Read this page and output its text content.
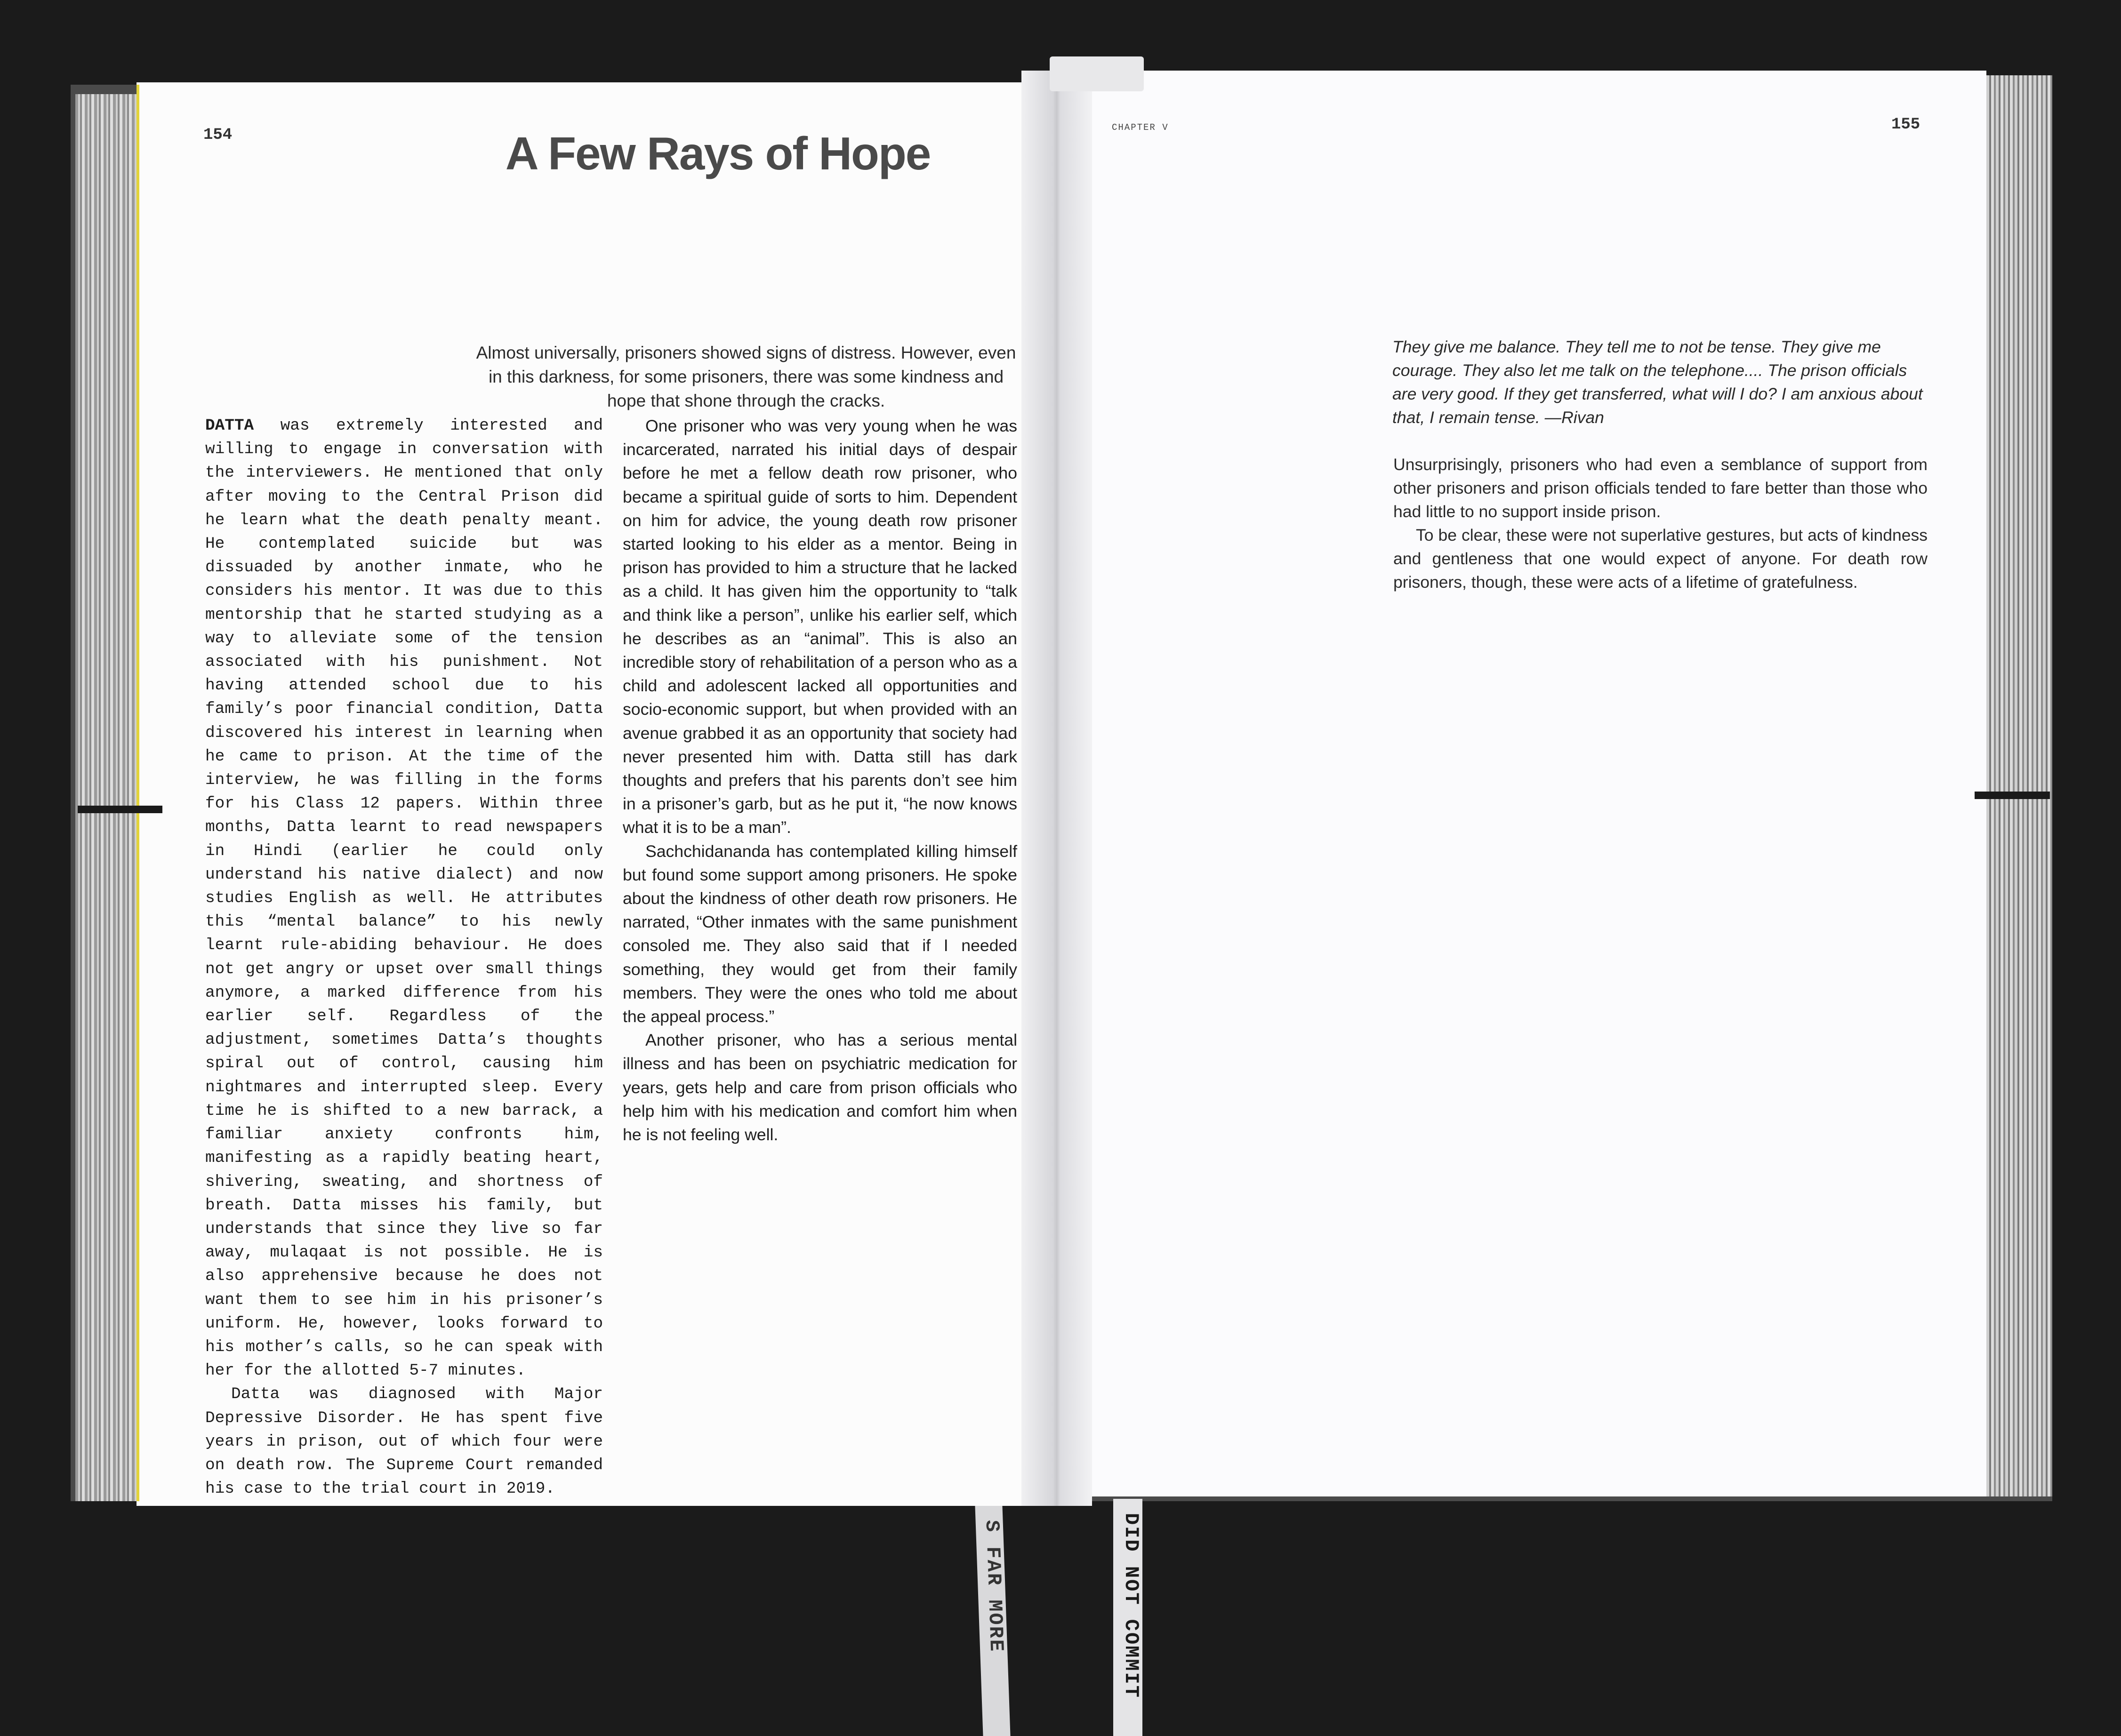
154	A Few Rays of Hope
Almost universally, prisoners showed signs of distress. However, even in this darkness, for some prisoners, there was some kindness and hope that shone through the cracks.

DATTA was extremely interested and willing to engage in conversation with the interviewers. He mentioned that only after moving to the Central Prison did he learn what the death penalty meant. He contemplated suicide but was dissuaded by another inmate, who he considers his mentor. It was due to this mentorship that he started studying as a way to alleviate some of the tension associated with his punishment. Not having attended school due to his family’s poor financial condition, Datta discovered his interest in learning when he came to prison. At the time of the interview, he was filling in the forms for his Class 12 papers. Within three months, Datta learnt to read newspapers in Hindi (earlier he could only understand his native dialect) and now studies English as well. He attributes this “mental balance” to his newly learnt rule-abiding behaviour. He does not get angry or upset over small things anymore, a marked difference from his earlier self. Regardless of the adjustment, sometimes Datta’s thoughts spiral out of control, causing him nightmares and interrupted sleep. Every time he is shifted to a new barrack, a familiar anxiety confronts him, manifesting as a rapidly beating heart, shivering, sweating, and shortness of breath. Datta misses his family, but understands that since they live so far away, mulaqaat is not possible. He is also apprehensive because he does not want them to see him in his prisoner’s uniform. He, however, looks forward to his mother’s calls, so he can speak with her for the allotted 5-7 minutes.

Datta was diagnosed with Major Depressive Disorder. He has spent five years in prison, out of which four were on death row. The Supreme Court remanded his case to the trial court in 2019.

One prisoner who was very young when he was incarcerated, narrated his initial days of despair before he met a fellow death row prisoner, who became a spiritual guide of sorts to him. Dependent on him for advice, the young death row prisoner started looking to his elder as a mentor. Being in prison has provided to him a structure that he lacked as a child. It has given him the opportunity to “talk and think like a person”, unlike his earlier self, which he describes as an “animal”. This is also an incredible story of rehabilitation of a person who as a child and adolescent lacked all opportunities and socio-economic support, but when provided with an avenue grabbed it as an opportunity that society had never presented him with. Datta still has dark thoughts and prefers that his parents don’t see him in a prisoner’s garb, but as he put it, “he now knows what it is to be a man”.

Sachchidananda has contemplated killing himself but found some support among prisoners. He spoke about the kindness of other death row prisoners. He narrated, “Other inmates with the same punishment consoled me. They also said that if I needed something, they would get from their family members. They were the ones who told me about the appeal process.”

Another prisoner, who has a serious mental illness and has been on psychiatric medication for years, gets help and care from prison officials who help him with his medication and comfort him when he is not feeling well.

CHAPTER V	155
They give me balance. They tell me to not be tense. They give me courage. They also let me talk on the telephone.... The prison officials are very good. If they get transferred, what will I do? I am anxious about that, I remain tense. —Rivan

Unsurprisingly, prisoners who had even a semblance of support from other prisoners and prison officials tended to fare better than those who had little to no support inside prison.

To be clear, these were not superlative gestures, but acts of kindness and gentleness that one would expect of anyone. For death row prisoners, though, these were acts of a lifetime of gratefulness.

S FAR MORE	DID NOT COMMIT
